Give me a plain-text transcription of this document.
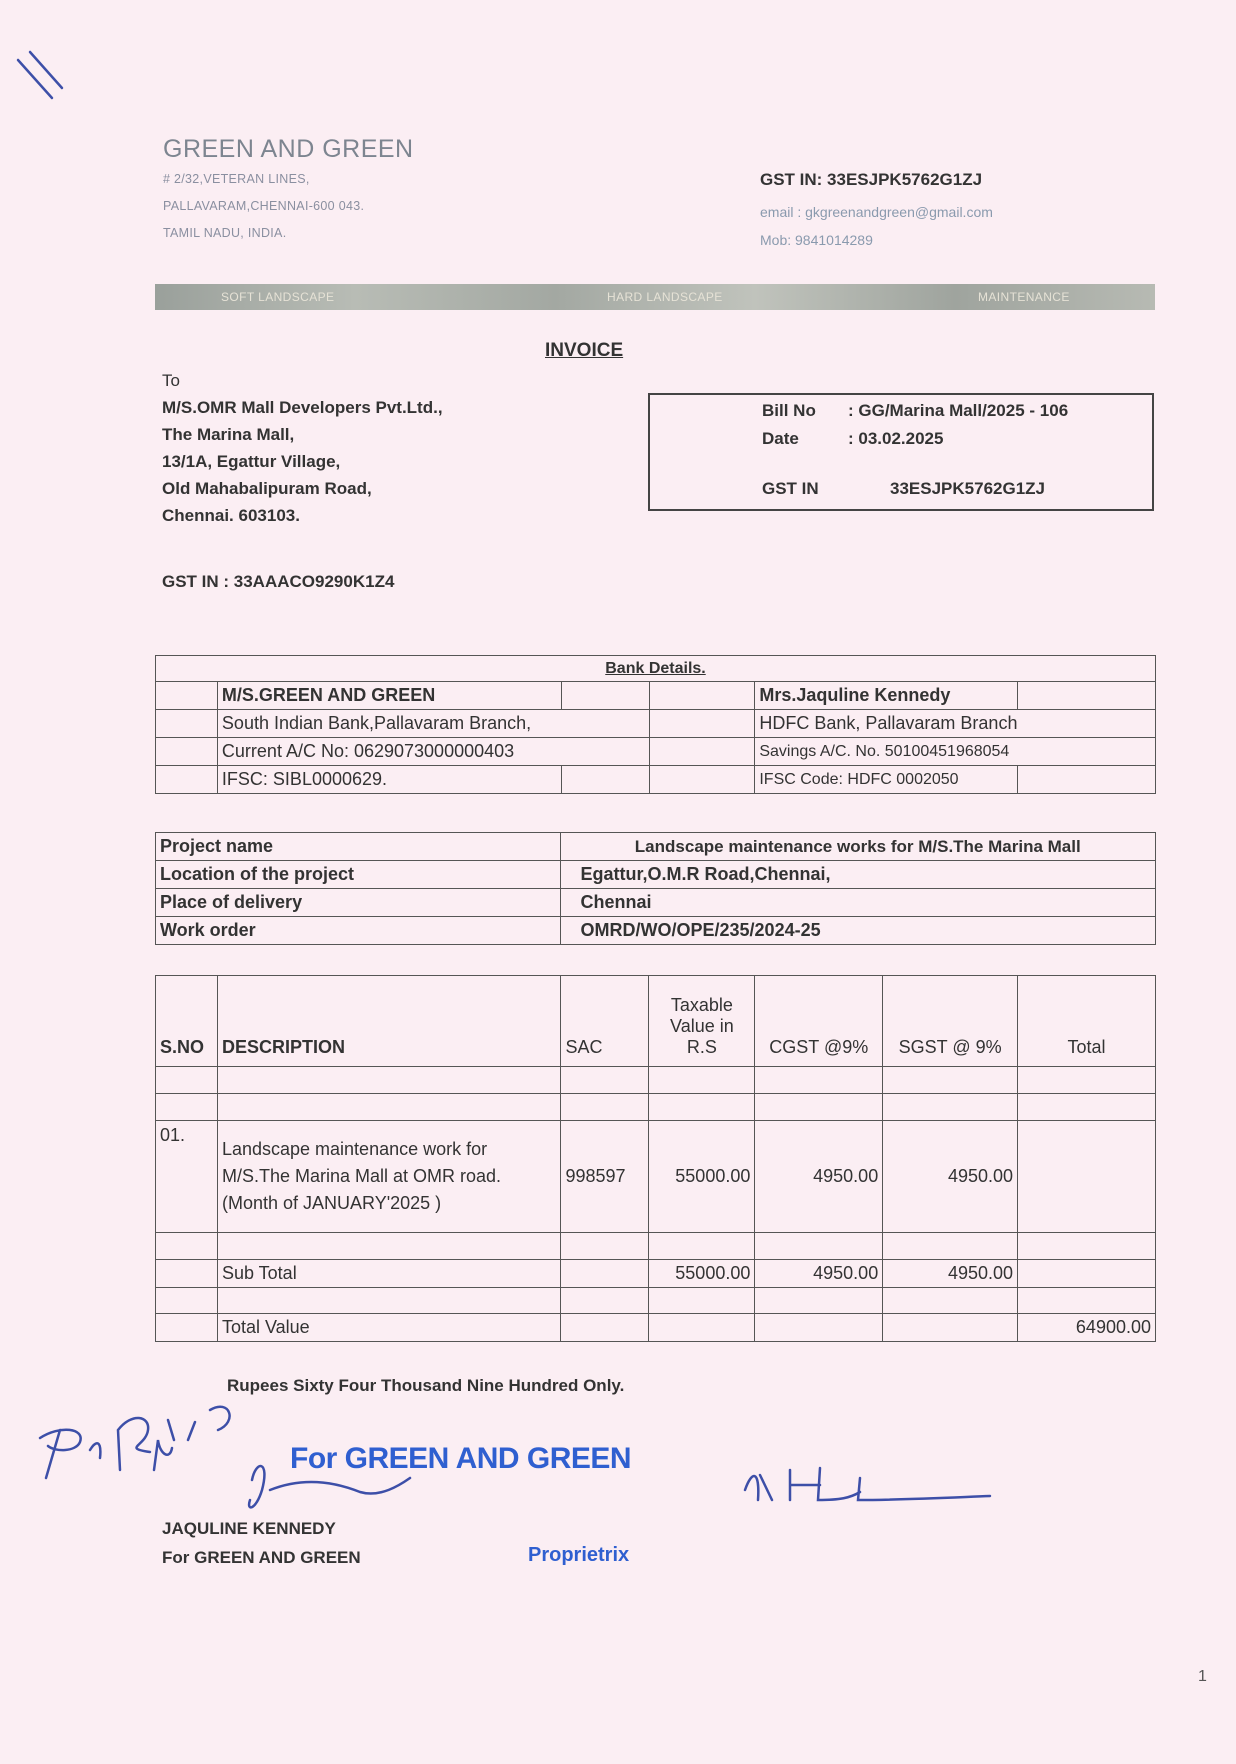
GREEN AND GREEN
# 2/32,VETERAN LINES,
PALLAVARAM,CHENNAI-600 043.
TAMIL NADU, INDIA.
GST IN: 33ESJPK5762G1ZJ
email : gkgreenandgreen@gmail.com
Mob: 9841014289
SOFT LANDSCAPE	HARD LANDSCAPE	MAINTENANCE
INVOICE
To
M/S.OMR Mall Developers Pvt.Ltd.,
The Marina Mall,
13/1A, Egattur Village,
Old Mahabalipuram Road,
Chennai. 603103.
Bill No : GG/Marina Mall/2025 - 106
Date	: 03.02.2025
GST IN	33ESJPK5762G1ZJ
GST IN : 33AAACO9290K1Z4
Bank Details.					
	M/S.GREEN AND GREEN			Mrs.Jaquline Kennedy	
	South Indian Bank,Pallavaram Branch,			HDFC Bank, Pallavaram Branch	
	Current A/C No: 0629073000000403			Savings A/C. No. 50100451968054	
	IFSC: SIBL0000629.			IFSC Code: HDFC 0002050	
Project name	Landscape maintenance works for M/S.The Marina Mall
Location of the project	Egattur,O.M.R Road,Chennai,
Place of delivery	Chennai
Work order	OMRD/WO/OPE/235/2024-25
S.NO	DESCRIPTION	SAC	Taxable Value in R.S	CGST @9%	SGST @ 9%	Total

01.	Landscape maintenance work for M/S.The Marina Mall at OMR road. (Month of JANUARY'2025 )	998597	55000.00	4950.00	4950.00	

	Sub Total		55000.00	4950.00	4950.00	

	Total Value					64900.00
Rupees Sixty Four Thousand Nine Hundred Only.
For GREEN AND GREEN
Proprietrix
JAQULINE KENNEDY
For GREEN AND GREEN
1
